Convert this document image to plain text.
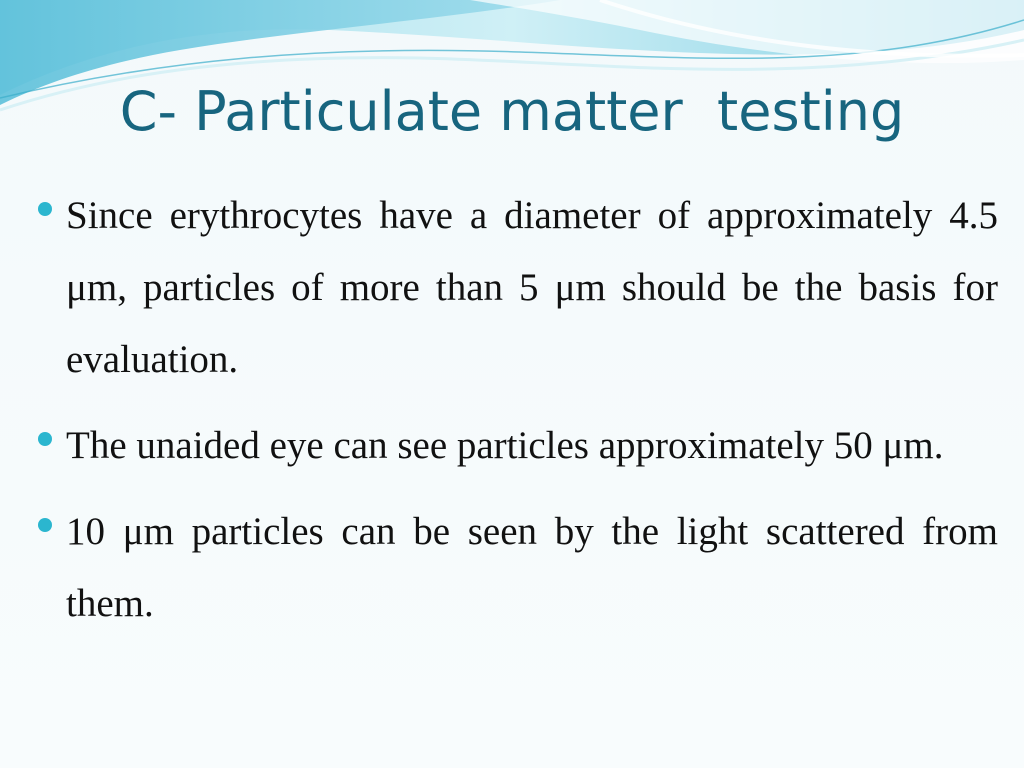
C- Particulate matter  testing
Since erythrocytes have a diameter of approximately 4.5 μm, particles of more than 5 μm should be the basis for evaluation.
The unaided eye can see particles approximately 50 μm.
10 μm particles can be seen by the light scattered from them.
